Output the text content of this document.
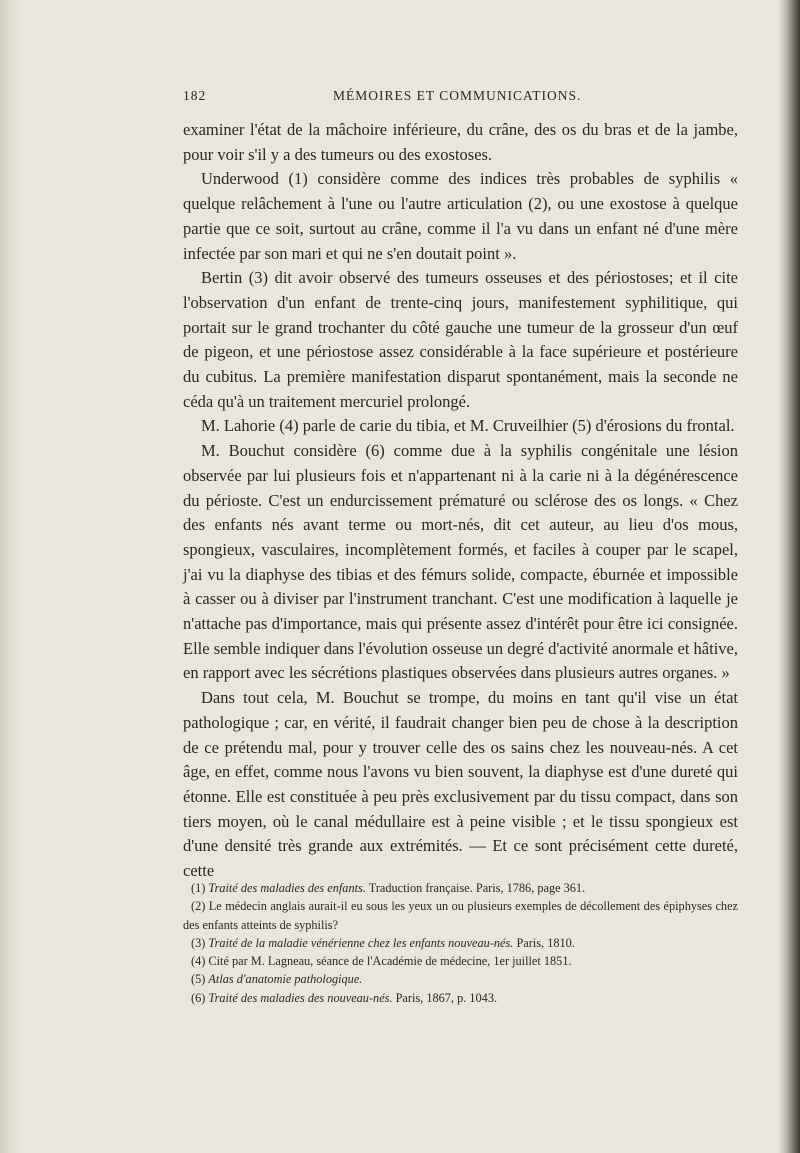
182	MÉMOIRES ET COMMUNICATIONS.

examiner l'état de la mâchoire inférieure, du crâne, des os du bras et de la jambe, pour voir s'il y a des tumeurs ou des exostoses.

Underwood (1) considère comme des indices très probables de syphilis « quelque relâchement à l'une ou l'autre articulation (2), ou une exostose à quelque partie que ce soit, surtout au crâne, comme il l'a vu dans un enfant né d'une mère infectée par son mari et qui ne s'en doutait point ».

Bertin (3) dit avoir observé des tumeurs osseuses et des périostoses; et il cite l'observation d'un enfant de trente-cinq jours, manifestement syphilitique, qui portait sur le grand trochanter du côté gauche une tumeur de la grosseur d'un œuf de pigeon, et une périostose assez considérable à la face supérieure et postérieure du cubitus. La première manifestation disparut spontanément, mais la seconde ne céda qu'à un traitement mercuriel prolongé.

M. Lahorie (4) parle de carie du tibia, et M. Cruveilhier (5) d'érosions du frontal.

M. Bouchut considère (6) comme due à la syphilis congénitale une lésion observée par lui plusieurs fois et n'appartenant ni à la carie ni à la dégénérescence du périoste. C'est un endurcissement prématuré ou sclérose des os longs. « Chez des enfants nés avant terme ou mort-nés, dit cet auteur, au lieu d'os mous, spongieux, vasculaires, incomplètement formés, et faciles à couper par le scapel, j'ai vu la diaphyse des tibias et des fémurs solide, compacte, éburnée et impossible à casser ou à diviser par l'instrument tranchant. C'est une modification à laquelle je n'attache pas d'importance, mais qui présente assez d'intérêt pour être ici consignée. Elle semble indiquer dans l'évolution osseuse un degré d'activité anormale et hâtive, en rapport avec les sécrétions plastiques observées dans plusieurs autres organes. »

Dans tout cela, M. Bouchut se trompe, du moins en tant qu'il vise un état pathologique ; car, en vérité, il faudrait changer bien peu de chose à la description de ce prétendu mal, pour y trouver celle des os sains chez les nouveau-nés. A cet âge, en effet, comme nous l'avons vu bien souvent, la diaphyse est d'une dureté qui étonne. Elle est constituée à peu près exclusivement par du tissu compact, dans son tiers moyen, où le canal médullaire est à peine visible ; et le tissu spongieux est d'une densité très grande aux extrémités. — Et ce sont précisément cette dureté, cette

(1) Traité des maladies des enfants. Traduction française. Paris, 1786, page 361.

(2) Le médecin anglais aurait-il eu sous les yeux un ou plusieurs exemples de décollement des épiphyses chez des enfants atteints de syphilis?

(3) Traité de la maladie vénérienne chez les enfants nouveau-nés. Paris, 1810.

(4) Cité par M. Lagneau, séance de l'Académie de médecine, 1er juillet 1851.

(5) Atlas d'anatomie pathologique.

(6) Traité des maladies des nouveau-nés. Paris, 1867, p. 1043.
